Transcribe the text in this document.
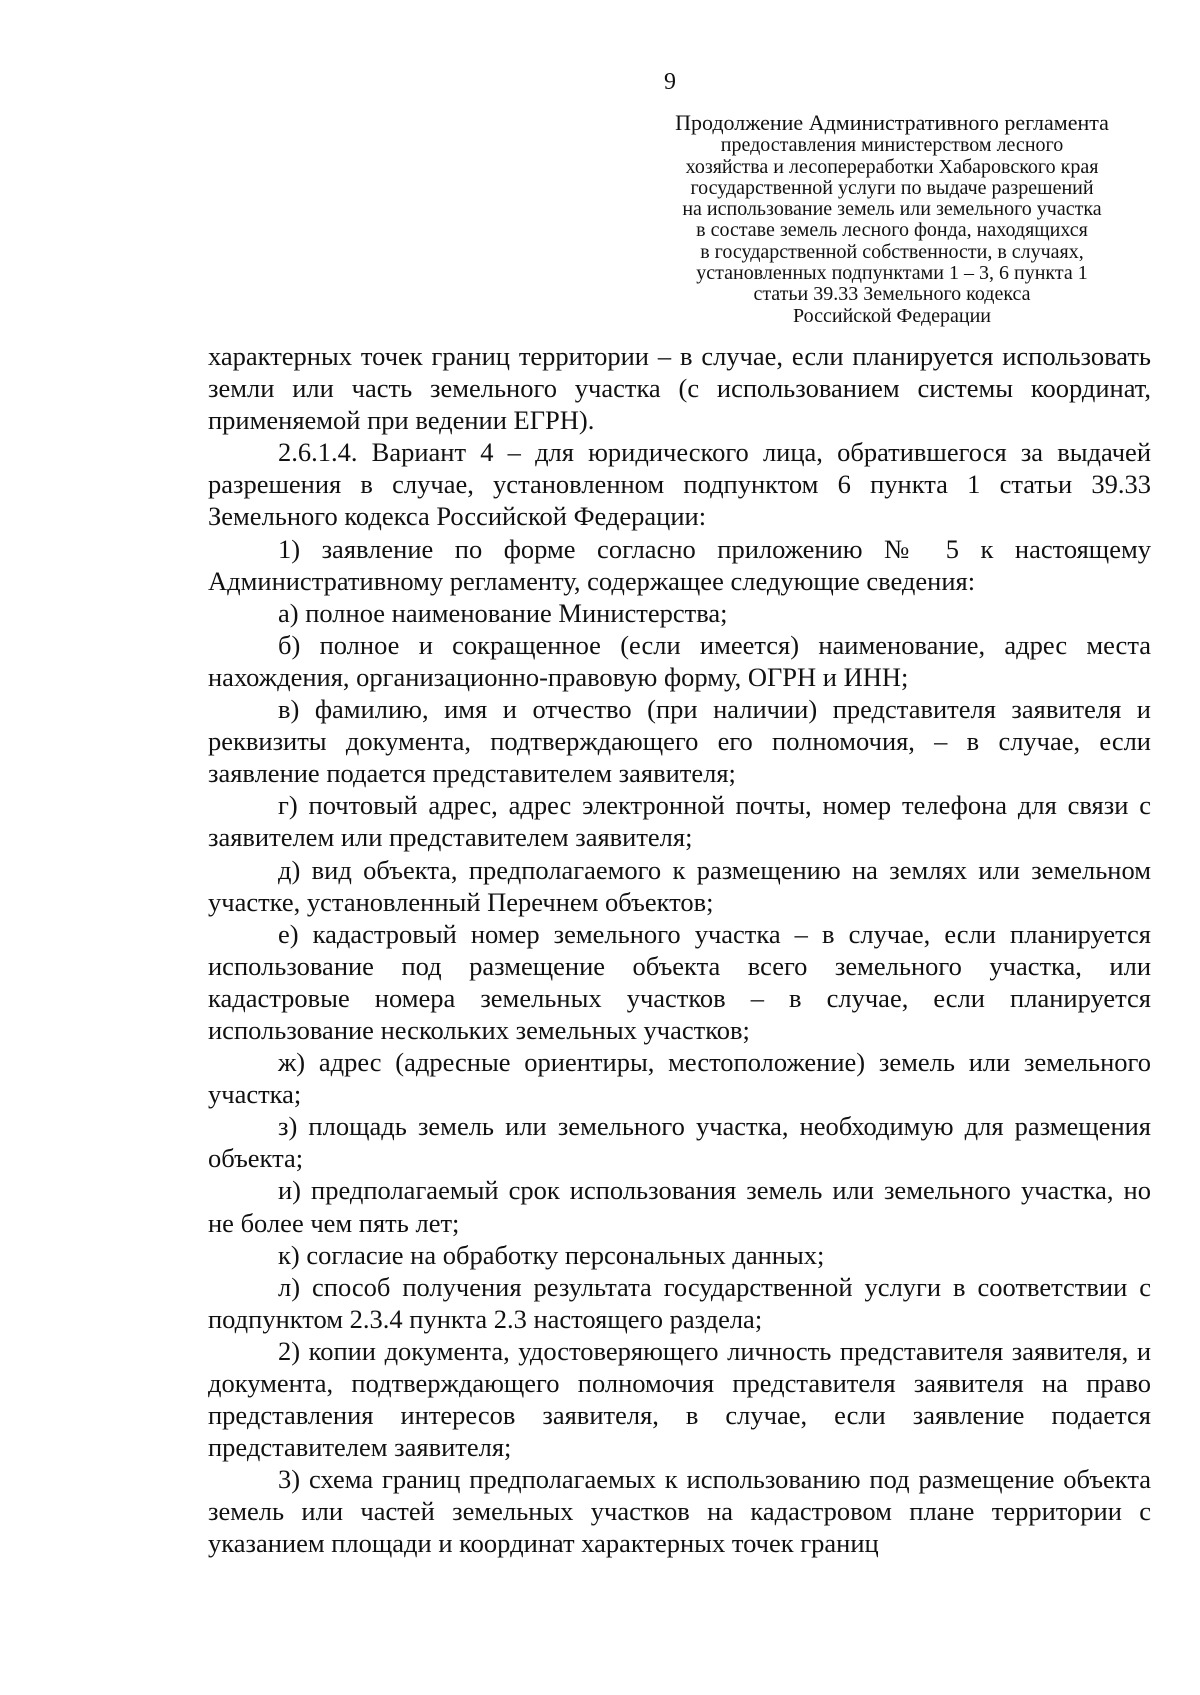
9
Продолжение Административного регламента
предоставления министерством лесного
хозяйства и лесопереработки Хабаровского края
государственной услуги по выдаче разрешений
на использование земель или земельного участка
в составе земель лесного фонда, находящихся
в государственной собственности, в случаях,
установленных подпунктами 1 – 3, 6 пункта 1
статьи 39.33 Земельного кодекса
Российской Федерации

характерных точек границ территории – в случае, если планируется использовать земли или часть земельного участка (с использованием системы координат, применяемой при ведении ЕГРН).

2.6.1.4. Вариант 4 – для юридического лица, обратившегося за выдачей разрешения в случае, установленном подпунктом 6 пункта 1 статьи 39.33 Земельного кодекса Российской Федерации:

1) заявление по форме согласно приложению № 5 к настоящему Административному регламенту, содержащее следующие сведения:

а) полное наименование Министерства;

б) полное и сокращенное (если имеется) наименование, адрес места нахождения, организационно-правовую форму, ОГРН и ИНН;

в) фамилию, имя и отчество (при наличии) представителя заявителя и реквизиты документа, подтверждающего его полномочия, – в случае, если заявление подается представителем заявителя;

г) почтовый адрес, адрес электронной почты, номер телефона для связи с заявителем или представителем заявителя;

д) вид объекта, предполагаемого к размещению на землях или земельном участке, установленный Перечнем объектов;

е) кадастровый номер земельного участка – в случае, если планируется использование под размещение объекта всего земельного участка, или кадастровые номера земельных участков – в случае, если планируется использование нескольких земельных участков;

ж) адрес (адресные ориентиры, местоположение) земель или земельного участка;

з) площадь земель или земельного участка, необходимую для размещения объекта;

и) предполагаемый срок использования земель или земельного участка, но не более чем пять лет;

к) согласие на обработку персональных данных;

л) способ получения результата государственной услуги в соответствии с подпунктом 2.3.4 пункта 2.3 настоящего раздела;

2) копии документа, удостоверяющего личность представителя заявителя, и документа, подтверждающего полномочия представителя заявителя на право представления интересов заявителя, в случае, если заявление подается представителем заявителя;

3) схема границ предполагаемых к использованию под размещение объекта земель или частей земельных участков на кадастровом плане территории с указанием площади и координат характерных точек границ
